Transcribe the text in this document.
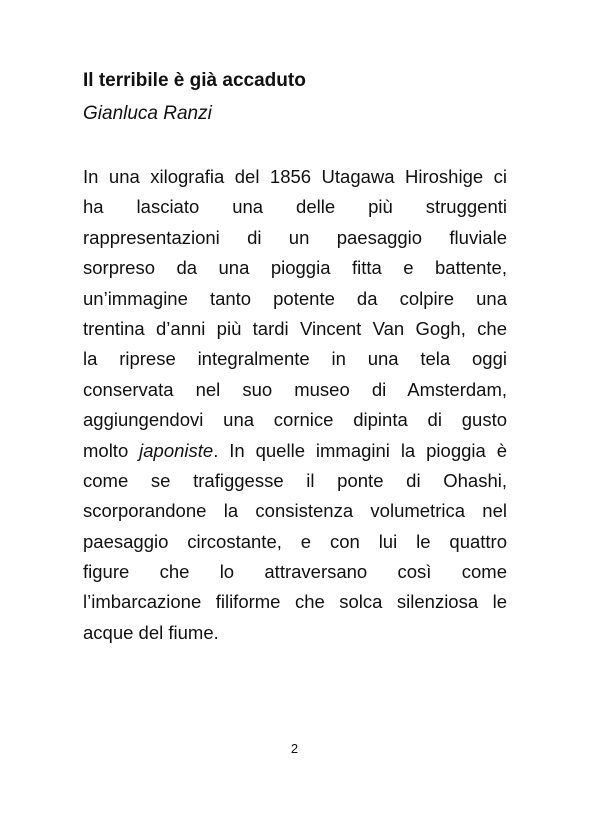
Il terribile è già accaduto
Gianluca Ranzi
In una xilografia del 1856 Utagawa Hiroshige ci
ha lasciato una delle più struggenti
rappresentazioni di un paesaggio fluviale
sorpreso da una pioggia fitta e battente,
un’immagine tanto potente da colpire una
trentina d’anni più tardi Vincent Van Gogh, che
la riprese integralmente in una tela oggi
conservata nel suo museo di Amsterdam,
aggiungendovi una cornice dipinta di gusto
molto japoniste. In quelle immagini la pioggia è
come se trafiggesse il ponte di Ohashi,
scorporandone la consistenza volumetrica nel
paesaggio circostante, e con lui le quattro
figure che lo attraversano così come
l’imbarcazione filiforme che solca silenziosa le
acque del fiume.
2
